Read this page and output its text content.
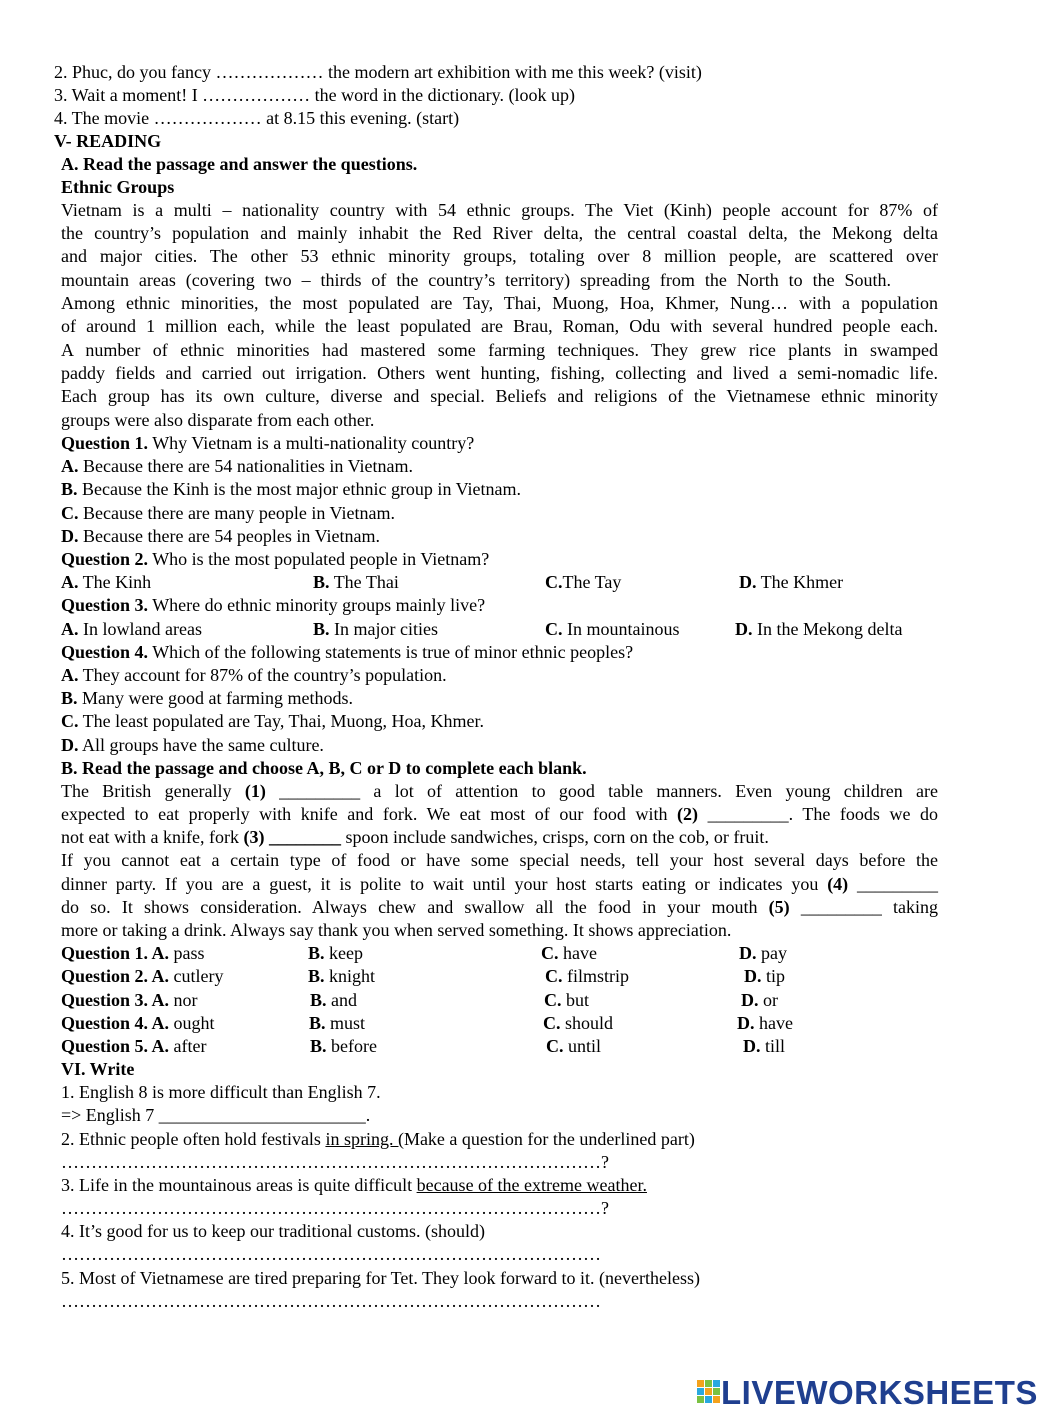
2. Phuc, do you fancy ……………… the modern art exhibition with me this week? (visit)
3. Wait a moment! I ……………… the word in the dictionary. (look up)
4. The movie ……………… at 8.15 this evening. (start)
V- READING
A. Read the passage and answer the questions.
Ethnic Groups
Vietnam is a multi – nationality country with 54 ethnic groups. The Viet (Kinh) people account for 87% of
the country’s population and mainly inhabit the Red River delta, the central coastal delta, the Mekong delta
and major cities. The other 53 ethnic minority groups, totaling over 8 million people, are scattered over
mountain areas (covering two – thirds of the country’s territory) spreading from the North to the South.
Among ethnic minorities, the most populated are Tay, Thai, Muong, Hoa, Khmer, Nung… with a population
of around 1 million each, while the least populated are Brau, Roman, Odu with several hundred people each.
A number of ethnic minorities had mastered some farming techniques. They grew rice plants in swamped
paddy fields and carried out irrigation. Others went hunting, fishing, collecting and lived a semi-nomadic life.
Each group has its own culture, diverse and special. Beliefs and religions of the Vietnamese ethnic minority
groups were also disparate from each other.
Question 1. Why Vietnam is a multi-nationality country?
A. Because there are 54 nationalities in Vietnam.
B. Because the Kinh is the most major ethnic group in Vietnam.
C. Because there are many people in Vietnam.
D. Because there are 54 peoples in Vietnam.
Question 2. Who is the most populated people in Vietnam?
A. The Kinh	B. The Thai	C.The Tay	D. The Khmer
Question 3. Where do ethnic minority groups mainly live?
A. In lowland areas	B. In major cities	C. In mountainous	D. In the Mekong delta
Question 4. Which of the following statements is true of minor ethnic peoples?
A. They account for 87% of the country’s population.
B. Many were good at farming methods.
C. The least populated are Tay, Thai, Muong, Hoa, Khmer.
D. All groups have the same culture.
B. Read the passage and choose A, B, C or D to complete each blank.
The British generally (1) _________ a lot of attention to good table manners. Even young children are
expected to eat properly with knife and fork. We eat most of our food with (2) _________. The foods we do
not eat with a knife, fork (3) ________ spoon include sandwiches, crisps, corn on the cob, or fruit.
If you cannot eat a certain type of food or have some special needs, tell your host several days before the
dinner party. If you are a guest, it is polite to wait until your host starts eating or indicates you (4) _________
do so. It shows consideration. Always chew and swallow all the food in your mouth (5) _________ taking
more or taking a drink. Always say thank you when served something. It shows appreciation.
Question 1. A. pass	B. keep	C. have	D. pay
Question 2. A. cutlery	B. knight	C. filmstrip	D. tip
Question 3. A. nor	B. and	C. but	D. or
Question 4. A. ought	B. must	C. should	D. have
Question 5. A. after	B. before	C. until	D. till
VI. Write
1. English 8 is more difficult than English 7.
=> English 7 _______________________.
2. Ethnic people often hold festivals in spring. (Make a question for the underlined part)
………………………………………………………………………………?
3. Life in the mountainous areas is quite difficult because of the extreme weather.
………………………………………………………………………………?
4. It’s good for us to keep our traditional customs. (should)
………………………………………………………………………………
5. Most of Vietnamese are tired preparing for Tet. They look forward to it. (nevertheless)
………………………………………………………………………………
LIVEWORKSHEETS
